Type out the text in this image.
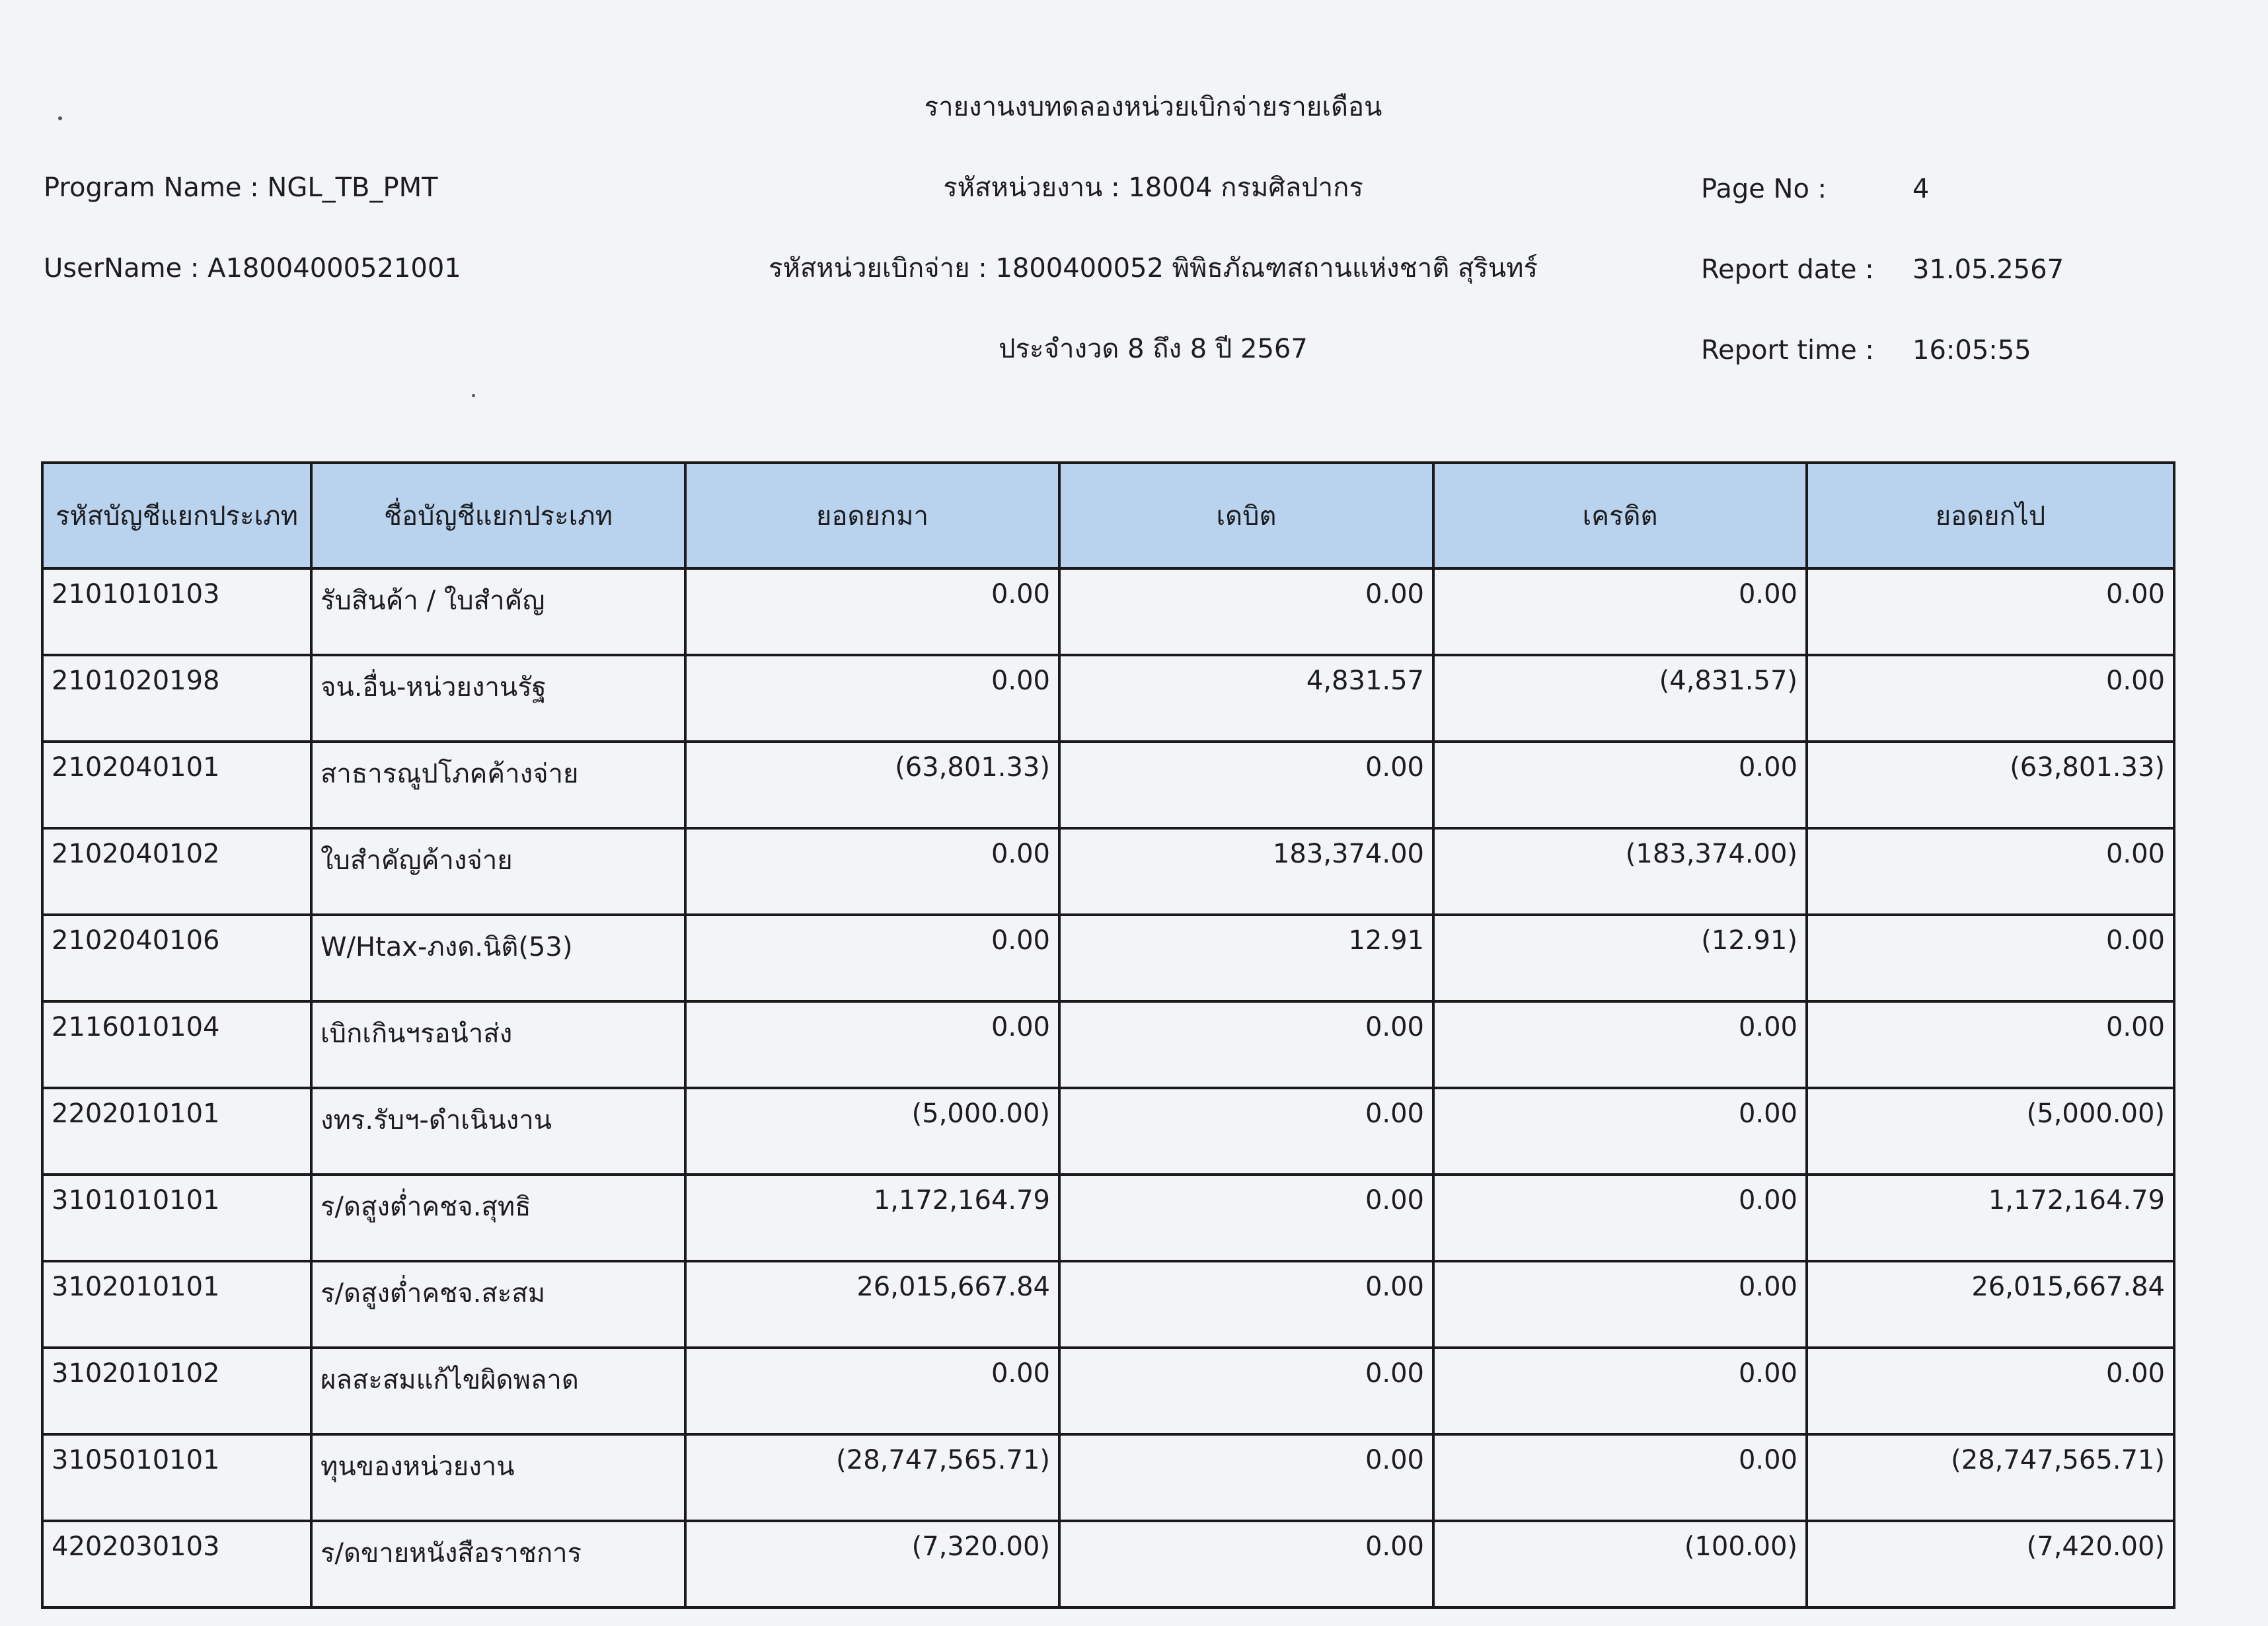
รายงานงบทดลองหน่วยเบิกจ่ายรายเดือน
Program Name : NGL_TB_PMT
UserName : A18004000521001
รหัสหน่วยงาน : 18004 กรมศิลปากร
รหัสหน่วยเบิกจ่าย : 1800400052 พิพิธภัณฑสถานแห่งชาติ สุรินทร์
ประจำงวด 8 ถึง 8 ปี 2567
Page No :	4
Report date : 31.05.2567
Report time : 16:05:55
รหัสบัญชีแยกประเภท	ชื่อบัญชีแยกประเภท	ยอดยกมา	เดบิต	เครดิต	ยอดยกไป
2101010103	รับสินค้า / ใบสำคัญ	0.00	0.00	0.00	0.00
2101020198	จน.อื่น-หน่วยงานรัฐ	0.00	4,831.57	(4,831.57)	0.00
2102040101	สาธารณูปโภคค้างจ่าย	(63,801.33)	0.00	0.00	(63,801.33)
2102040102	ใบสำคัญค้างจ่าย	0.00	183,374.00	(183,374.00)	0.00
2102040106	W/Htax-ภงด.นิติ(53)	0.00	12.91	(12.91)	0.00
2116010104	เบิกเกินฯรอนำส่ง	0.00	0.00	0.00	0.00
2202010101	งทร.รับฯ-ดำเนินงาน	(5,000.00)	0.00	0.00	(5,000.00)
3101010101	ร/ดสูงต่ำคชจ.สุทธิ	1,172,164.79	0.00	0.00	1,172,164.79
3102010101	ร/ดสูงต่ำคชจ.สะสม	26,015,667.84	0.00	0.00	26,015,667.84
3102010102	ผลสะสมแก้ไขผิดพลาด	0.00	0.00	0.00	0.00
3105010101	ทุนของหน่วยงาน	(28,747,565.71)	0.00	0.00	(28,747,565.71)
4202030103	ร/ดขายหนังสือราชการ	(7,320.00)	0.00	(100.00)	(7,420.00)
